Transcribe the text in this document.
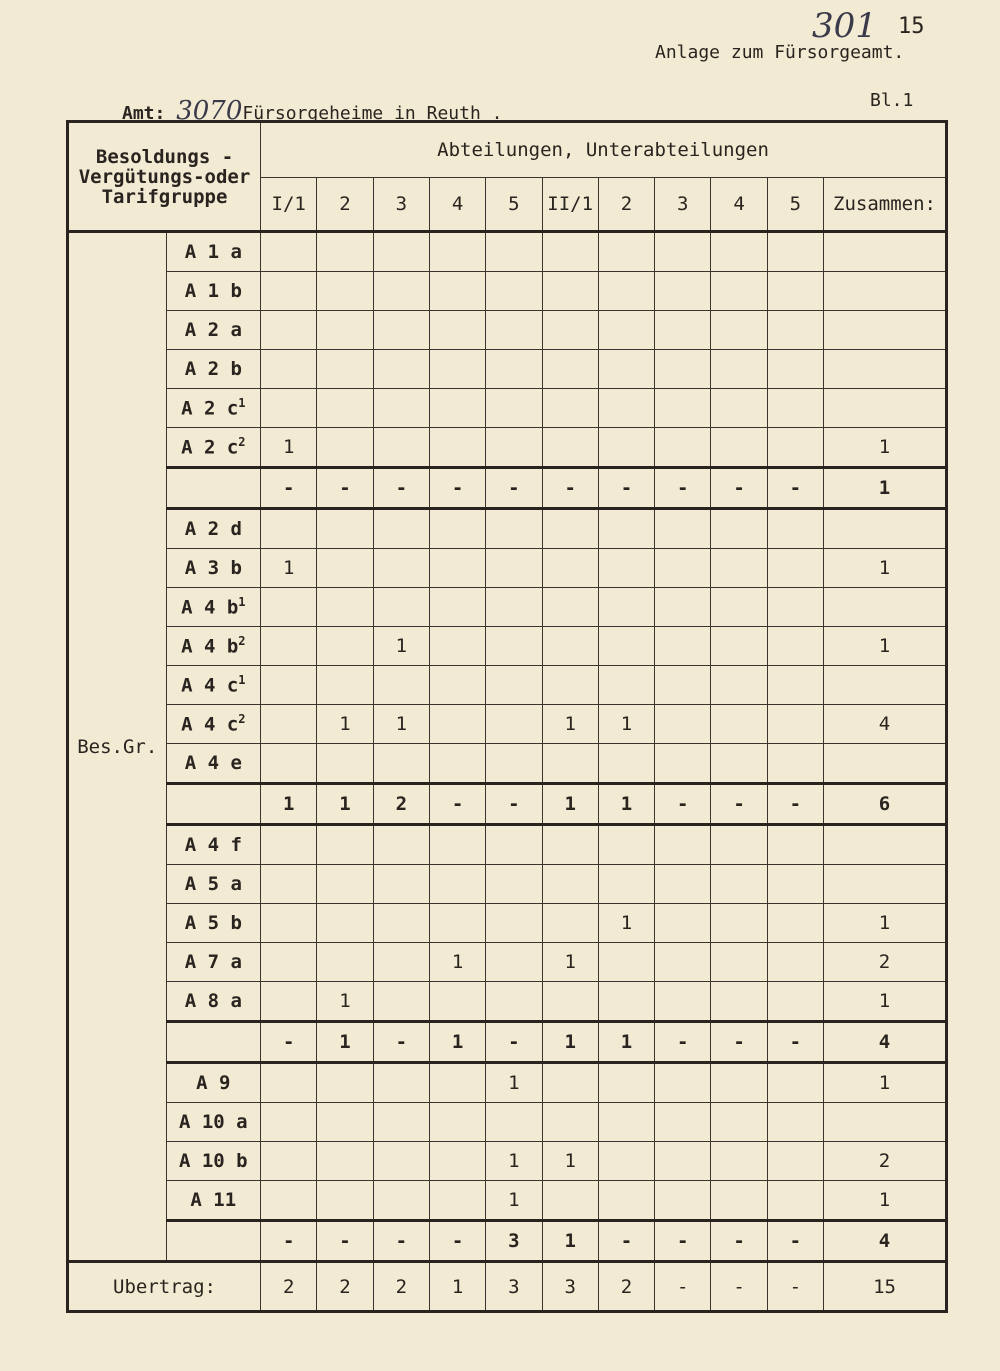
301 15
Anlage zum Fürsorgeamt.
Amt: 3070Fürsorgeheime in Reuth .
Bl.1
Besoldungs - Vergütungs-oder Tarifgruppe		Abteilungen, Unterabteilungen										
		I/1	2	3	4	5	II/1	2	3	4	5	Zusammen:
Bes.Gr.	A 1 a											
	A 1 b											
	A 2 a											
	A 2 b											
	A 2 $c^1$											
	A 2 $c^2$	1										1
		-	-	-	-	-	-	-	-	-	-	1
	A 2 d											
	A 3 b	1										1
	A 4 $b^1$											
	A 4 $b^2$			1								1
	A 4 $c^1$											
	A 4 $c^2$		1	1			1	1				4
	A 4 e											
		1	1	2	-	-	1	1	-	-	-	6
	A 4 f											
	A 5 a											
	A 5 b							1				1
	A 7 a				1		1					2
	A 8 a		1									1
		-	1	-	1	-	1	1	-	-	-	4
	A 9					1						1
	A 10 a											
	A 10 b					1	1					2
	A 11					1						1
		-	-	-	-	3	1	-	-	-	-	4
Ubertrag:		2	2	2	1	3	3	2	-	-	-	15
